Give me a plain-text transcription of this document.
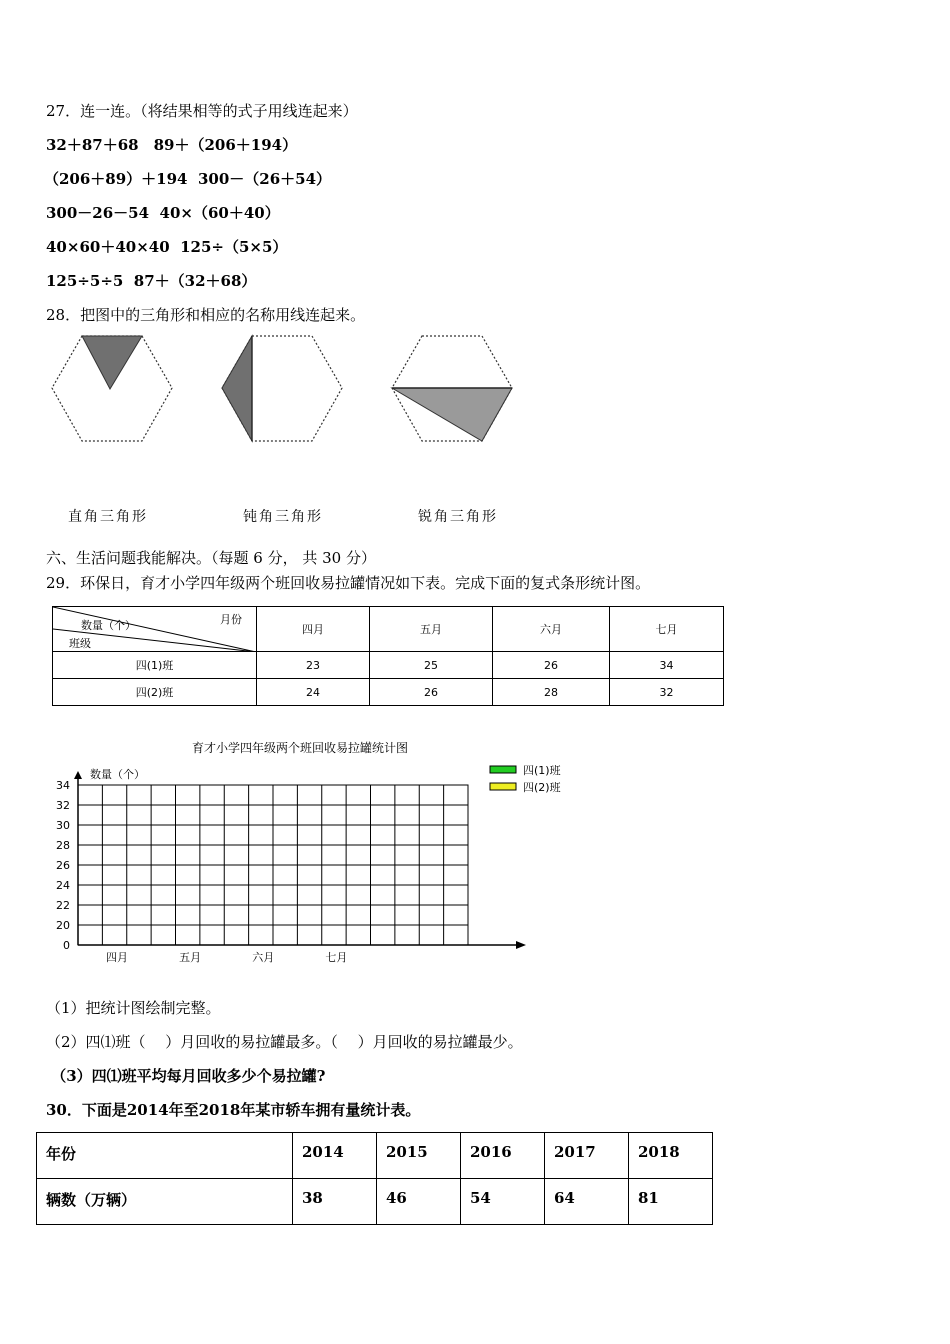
27．连一连。（将结果相等的式子用线连起来）
32＋87＋68　89＋（206＋194）
（206＋89）＋194  300－（26＋54）
300－26－54  40×（60＋40）
40×60＋40×40  125÷（5×5）
125÷5÷5  87＋（32＋68）
28．把图中的三角形和相应的名称用线连起来。
直角三角形	钝角三角形	锐角三角形
六、生活问题我能解决。（每题 6 分， 共 30 分）
29．环保日，育才小学四年级两个班回收易拉罐情况如下表。完成下面的复式条形统计图。
月份
数量（个）
班级	四月	五月	六月	七月
四(1)班	23	25	26	34
四(2)班	24	26	28	32
育才小学四年级两个班回收易拉罐统计图
数量（个）	四(1)班
四(2)班
34
32
30
28
26
24
22
20
0
四月	五月	六月	七月
（1）把统计图绘制完整。
（2）四⑴班（　 ）月回收的易拉罐最多。（　 ）月回收的易拉罐最少。
（3）四⑴班平均每月回收多少个易拉罐?
30．下面是2014年至2018年某市轿车拥有量统计表。
年份	2014	2015	2016	2017	2018
辆数（万辆）	38	46	54	64	81
